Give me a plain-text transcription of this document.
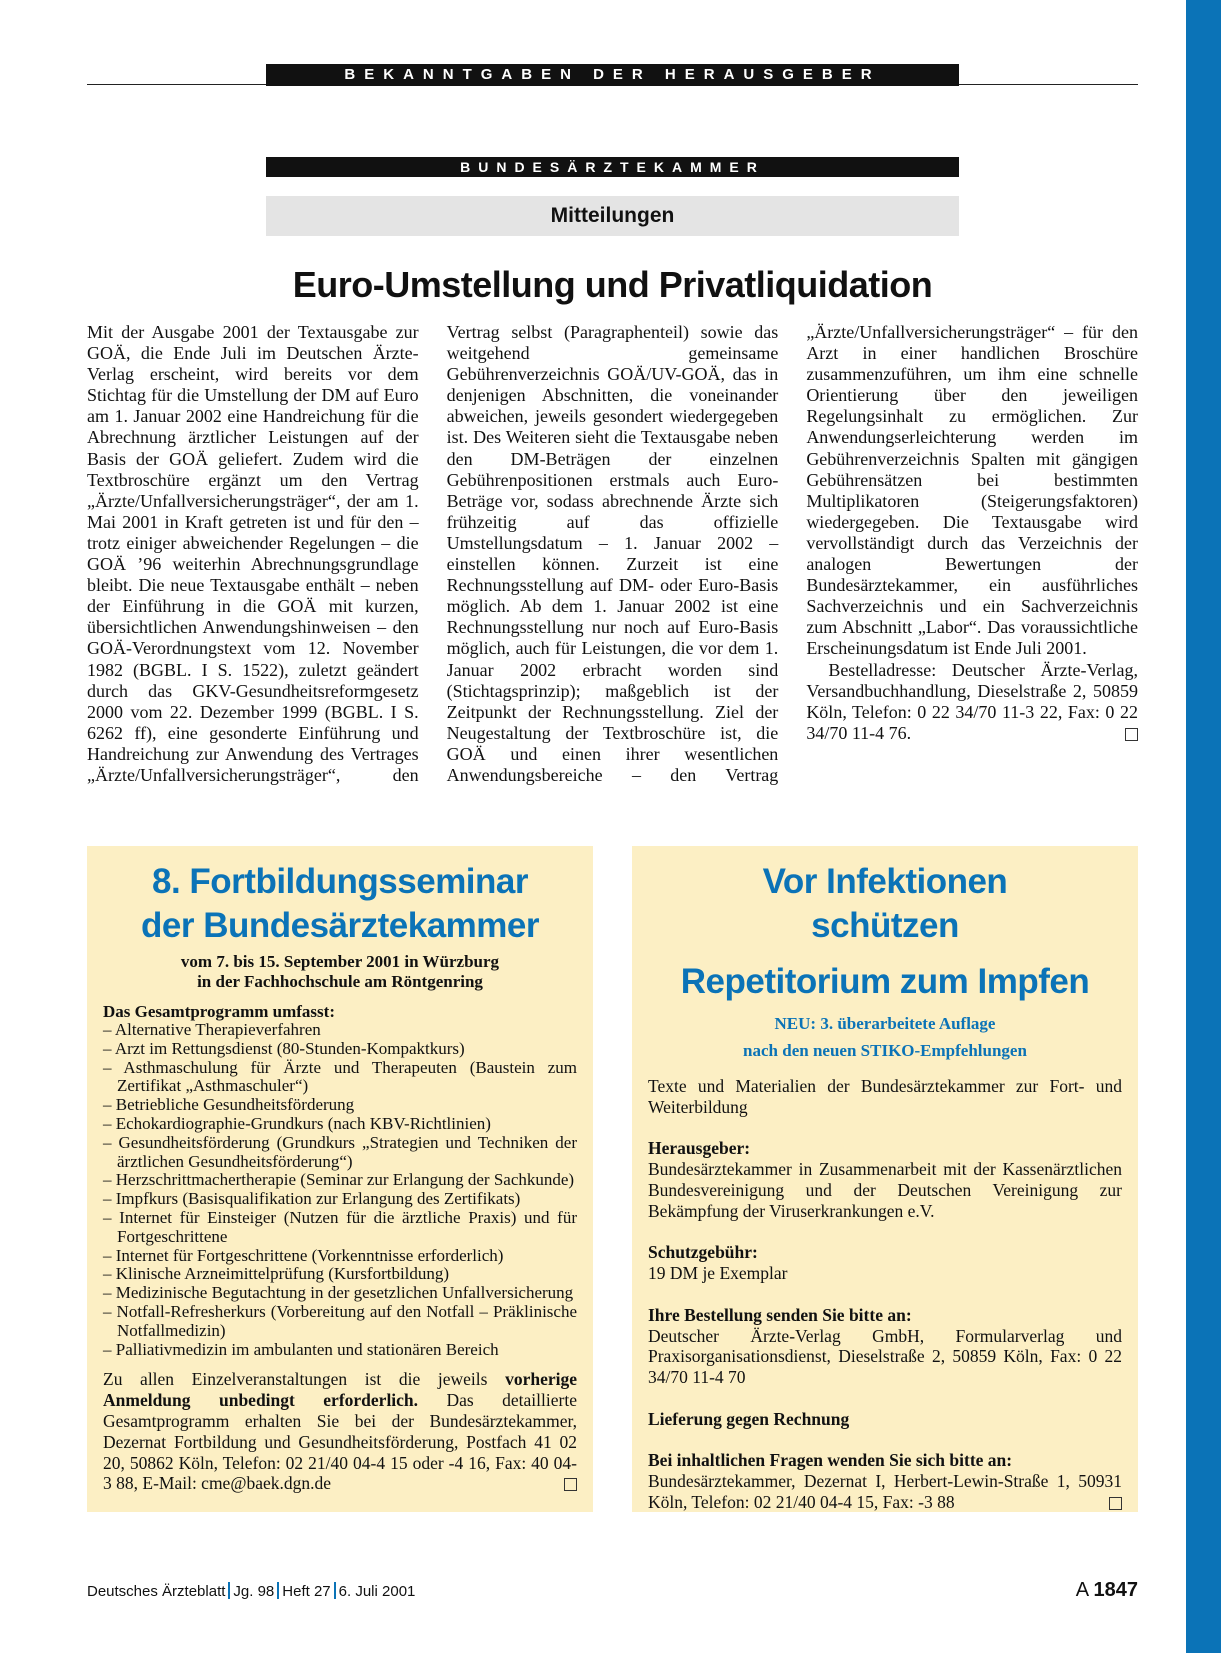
BEKANNTGABEN DER HERAUSGEBER
BUNDESÄRZTEKAMMER
Mitteilungen
Euro-Umstellung und Privatliquidation

Mit der Ausgabe 2001 der Textausgabe zur GOÄ, die Ende Juli im Deutschen Ärzte-Verlag erscheint, wird bereits vor dem Stichtag für die Umstellung der DM auf Euro am 1. Januar 2002 eine Handreichung für die Abrechnung ärztlicher Leistungen auf der Basis der GOÄ geliefert. Zudem wird die Textbroschüre ergänzt um den Vertrag „Ärzte/Unfallversicherungsträger“, der am 1. Mai 2001 in Kraft getreten ist und für den – trotz einiger abweichender Regelungen – die GOÄ ’96 weiterhin Abrechnungsgrundlage bleibt. Die neue Textausgabe enthält – neben der Einführung in die GOÄ mit kurzen, übersichtlichen Anwendungshinweisen – den GOÄ-Verordnungstext vom 12. November 1982 (BGBL. I S. 1522), zuletzt geändert durch das GKV-Gesundheitsreformgesetz 2000 vom 22. Dezember 1999 (BGBL. I S. 6262 ff), eine gesonderte Einführung und Handreichung zur Anwendung des Vertrages „Ärzte/Unfallversicherungsträger“, den Vertrag selbst (Paragraphenteil) sowie das weitgehend gemeinsame Gebührenverzeichnis GOÄ/UV-GOÄ, das in denjenigen Abschnitten, die voneinander abweichen, jeweils gesondert wiedergegeben ist. Des Weiteren sieht die Textausgabe neben den DM-Beträgen der einzelnen Gebührenpositionen erstmals auch Euro-Beträge vor, sodass abrechnende Ärzte sich frühzeitig auf das offizielle Umstellungsdatum – 1. Januar 2002 – einstellen können. Zurzeit ist eine Rechnungsstellung auf DM- oder Euro-Basis möglich. Ab dem 1. Januar 2002 ist eine Rechnungsstellung nur noch auf Euro-Basis möglich, auch für Leistungen, die vor dem 1. Januar 2002 erbracht worden sind (Stichtagsprinzip); maßgeblich ist der Zeitpunkt der Rechnungsstellung. Ziel der Neugestaltung der Textbroschüre ist, die GOÄ und einen ihrer wesentlichen Anwendungsbereiche – den Vertrag „Ärzte/Unfallversicherungsträger“ – für den Arzt in einer handlichen Broschüre zusammenzuführen, um ihm eine schnelle Orientierung über den jeweiligen Regelungsinhalt zu ermöglichen. Zur Anwendungserleichterung werden im Gebührenverzeichnis Spalten mit gängigen Gebührensätzen bei bestimmten Multiplikatoren (Steigerungsfaktoren) wiedergegeben. Die Textausgabe wird vervollständigt durch das Verzeichnis der analogen Bewertungen der Bundesärztekammer, ein ausführliches Sachverzeichnis und ein Sachverzeichnis zum Abschnitt „Labor“. Das voraussichtliche Erscheinungsdatum ist Ende Juli 2001.

Bestelladresse: Deutscher Ärzte-Verlag, Versandbuchhandlung, Dieselstraße 2, 50859 Köln, Telefon: 0 22 34/70 11-3 22, Fax: 0 22 34/70 11-4 76.

8. Fortbildungsseminar
der Bundesärztekammer
vom 7. bis 15. September 2001 in Würzburg
in der Fachhochschule am Röntgenring
Das Gesamtprogramm umfasst:
– Alternative Therapieverfahren
– Arzt im Rettungsdienst (80-Stunden-Kompaktkurs)
– Asthmaschulung für Ärzte und Therapeuten (Baustein zum Zertifikat „Asthmaschuler“)
– Betriebliche Gesundheitsförderung
– Echokardiographie-Grundkurs (nach KBV-Richtlinien)
– Gesundheitsförderung (Grundkurs „Strategien und Techniken der ärztlichen Gesundheitsförderung“)
– Herzschrittmachertherapie (Seminar zur Erlangung der Sachkunde)
– Impfkurs (Basisqualifikation zur Erlangung des Zertifikats)
– Internet für Einsteiger (Nutzen für die ärztliche Praxis) und für Fortgeschrittene
– Internet für Fortgeschrittene (Vorkenntnisse erforderlich)
– Klinische Arzneimittelprüfung (Kursfortbildung)
– Medizinische Begutachtung in der gesetzlichen Unfallversicherung
– Notfall-Refresherkurs (Vorbereitung auf den Notfall – Präklinische Notfallmedizin)
– Palliativmedizin im ambulanten und stationären Bereich
Zu allen Einzelveranstaltungen ist die jeweils vorherige Anmeldung unbedingt erforderlich. Das detaillierte Gesamtprogramm erhalten Sie bei der Bundesärztekammer, Dezernat Fortbildung und Gesundheitsförderung, Postfach 41 02 20, 50862 Köln, Telefon: 02 21/40 04-4 15 oder -4 16, Fax: 40 04-3 88, E-Mail: cme@baek.dgn.de
Vor Infektionen
schützen
Repetitorium zum Impfen
NEU: 3. überarbeitete Auflage
nach den neuen STIKO-Empfehlungen

Texte und Materialien der Bundesärztekammer zur Fort- und Weiterbildung

Herausgeber:
Bundesärztekammer in Zusammenarbeit mit der Kassenärztlichen Bundesvereinigung und der Deutschen Vereinigung zur Bekämpfung der Viruserkrankungen e.V.

Schutzgebühr:
19 DM je Exemplar

Ihre Bestellung senden Sie bitte an:
Deutscher Ärzte-Verlag GmbH, Formularverlag und Praxisorganisationsdienst, Dieselstraße 2, 50859 Köln, Fax: 0 22 34/70 11-4 70

Lieferung gegen Rechnung

Bei inhaltlichen Fragen wenden Sie sich bitte an:
Bundesärztekammer, Dezernat I, Herbert-Lewin-Straße 1, 50931 Köln, Telefon: 02 21/40 04-4 15, Fax: -3 88

Deutsches Ärzteblatt Jg. 98 Heft 27 6. Juli 2001	A 1847
